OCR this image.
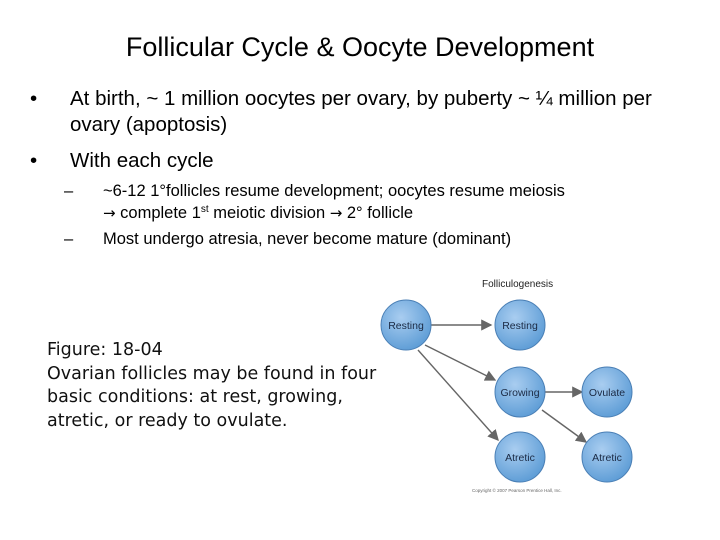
Follicular Cycle & Oocyte Development
• At birth, ~ 1 million oocytes per ovary, by puberty ~ ¼ million per ovary (apoptosis)
• With each cycle
– ~6-12 1°follicles resume development; oocytes resume meiosis
→ complete 1st meiotic division → 2° follicle
– Most undergo atresia, never become mature (dominant)
Figure: 18-04
Ovarian follicles may be found in four basic conditions: at rest, growing, atretic, or ready to ovulate.
Folliculogenesis
Resting	Resting
Growing	Ovulate
Atretic	Atretic
Copyright © 2007 Pearson Prentice Hall, Inc.
